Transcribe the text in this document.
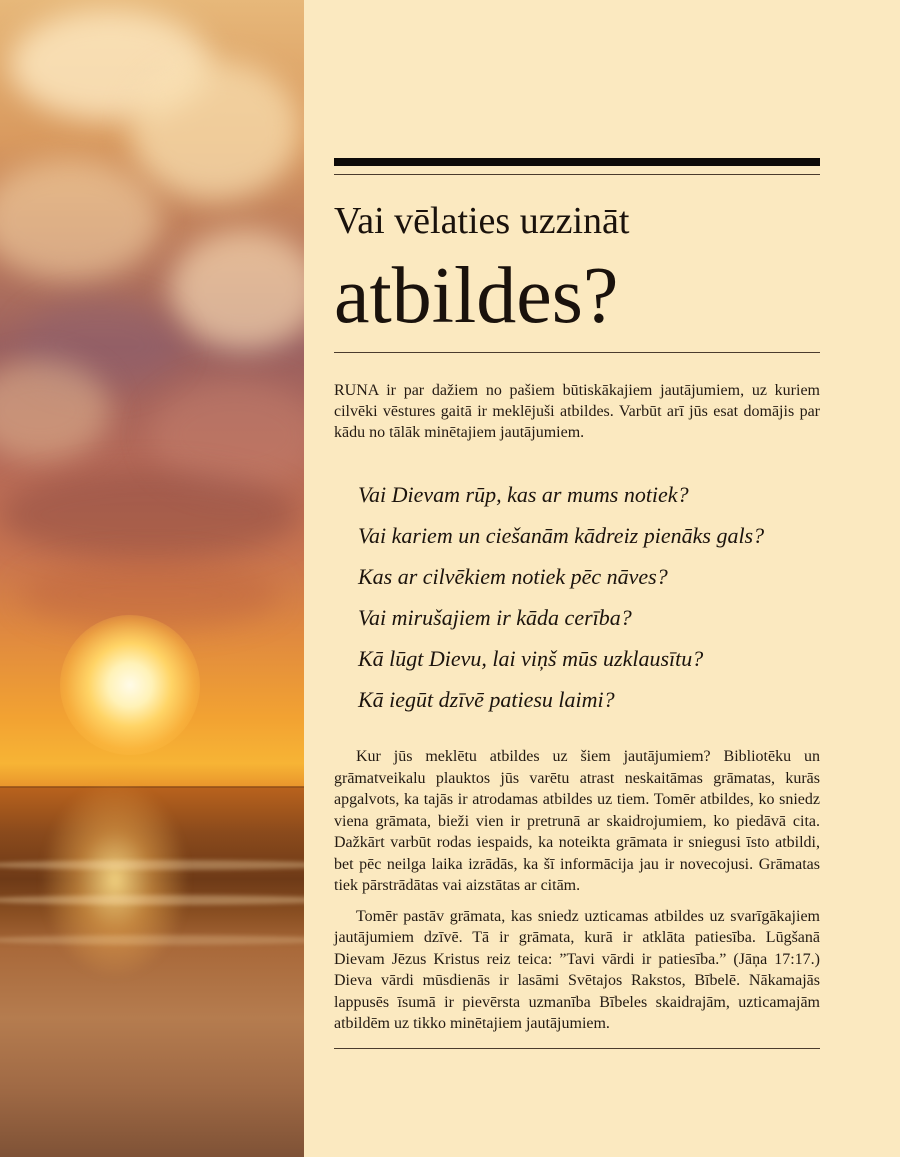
Vai vēlaties uzzināt
atbildes?

RUNA ir par dažiem no pašiem būtiskākajiem jautājumiem, uz kuriem cilvēki vēstures gaitā ir meklējuši atbildes. Varbūt arī jūs esat domājis par kādu no tālāk minētajiem jautājumiem.

Vai Dievam rūp, kas ar mums notiek?
Vai kariem un ciešanām kādreiz pienāks gals?
Kas ar cilvēkiem notiek pēc nāves?
Vai mirušajiem ir kāda cerība?
Kā lūgt Dievu, lai viņš mūs uzklausītu?
Kā iegūt dzīvē patiesu laimi?

Kur jūs meklētu atbildes uz šiem jautājumiem? Bibliotēku un grāmatveikalu plauktos jūs varētu atrast neskaitāmas grāmatas, kurās apgalvots, ka tajās ir atrodamas atbildes uz tiem. Tomēr atbildes, ko sniedz viena grāmata, bieži vien ir pretrunā ar skaidrojumiem, ko piedāvā cita. Dažkārt varbūt rodas iespaids, ka noteikta grāmata ir sniegusi īsto atbildi, bet pēc neilga laika izrādās, ka šī informācija jau ir novecojusi. Grāmatas tiek pārstrādātas vai aizstātas ar citām.

Tomēr pastāv grāmata, kas sniedz uzticamas atbildes uz svarīgākajiem jautājumiem dzīvē. Tā ir grāmata, kurā ir atklāta patiesība. Lūgšanā Dievam Jēzus Kristus reiz teica: ”Tavi vārdi ir patiesība.” (Jāņa 17:17.) Dieva vārdi mūsdienās ir lasāmi Svētajos Rakstos, Bībelē. Nākamajās lappusēs īsumā ir pievērsta uzmanība Bībeles skaidrajām, uzticamajām atbildēm uz tikko minētajiem jautājumiem.
